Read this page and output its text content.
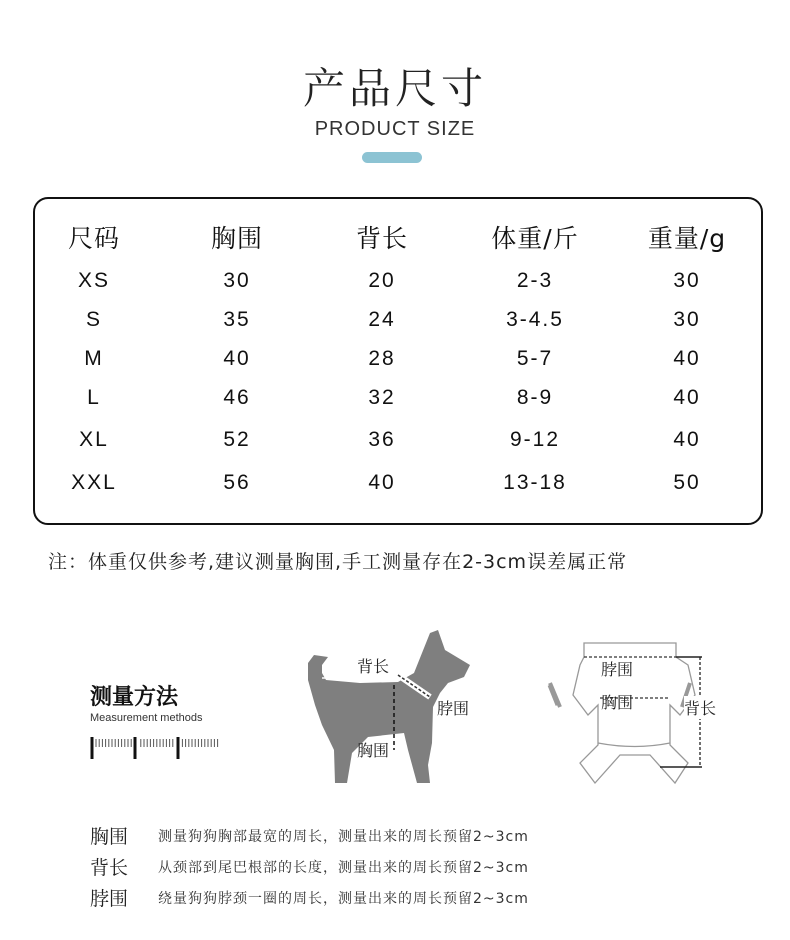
产品尺寸
PRODUCT SIZE
尺码	胸围	背长	体重/斤	重量/g
XS	30	20	2-3	30
S	35	24	3-4.5	30
M	40	28	5-7	40
L	46	32	8-9	40
XL	52	36	9-12	40
XXL	56	40	13-18	50
注：体重仅供参考,建议测量胸围,手工测量存在2-3cm误差属正常
测量方法
Measurement methods
背长
脖围
胸围
脖围
胸围	背长
胸围	测量狗狗胸部最宽的周长，测量出来的周长预留2~3cm
背长	从颈部到尾巴根部的长度，测量出来的周长预留2~3cm
脖围	绕量狗狗脖颈一圈的周长，测量出来的周长预留2~3cm
